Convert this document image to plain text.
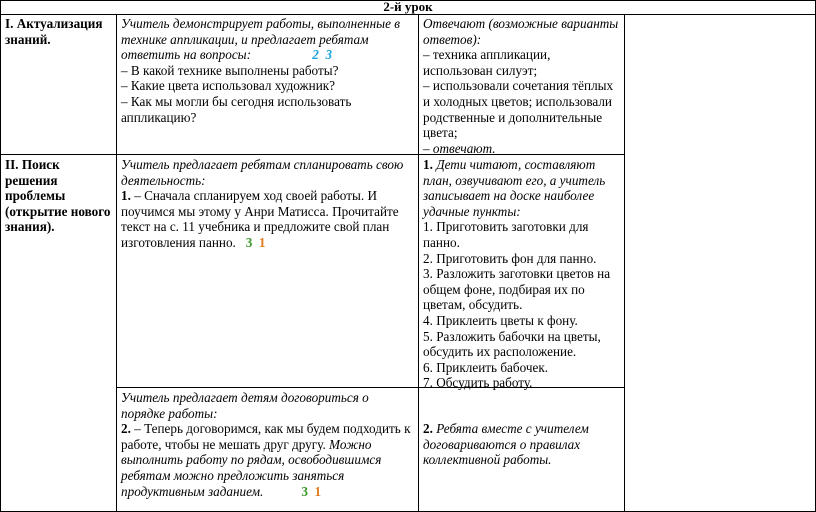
2-й урок
I. Актуализация знаний.

Учитель демонстрирует работы, выполненные в технике аппликации, и предлагает ребятам ответить на вопросы:	2 3

– В какой технике выполнены работы?

– Какие цвета использовал художник?

– Как мы могли бы сегодня использовать аппликацию?

Отвечают (возможные варианты ответов):

– техника аппликации, использован силуэт;

– использовали сочетания тёплых и холодных цветов; использовали родственные и дополнительные цвета;

– отвечают.

II. Поиск решения проблемы (открытие нового знания).

Учитель предлагает ребятам спланировать свою деятельность:

1. – Сначала спланируем ход своей работы. И поучимся мы этому у Анри Матисса. Прочитайте текст на с. 11 учебника и предложите свой план изготовления панно. 3 1

1. Дети читают, составляют план, озвучивают его, а учитель записывает на доске наиболее удачные пункты:

1. Приготовить заготовки для панно.

2. Приготовить фон для панно.

3. Разложить заготовки цветов на общем фоне, подбирая их по цветам, обсудить.

4. Приклеить цветы к фону.

5. Разложить бабочки на цветы, обсудить их расположение.

6. Приклеить бабочек.

7. Обсудить работу.

Учитель предлагает детям договориться о порядке работы:

2. – Теперь договоримся, как мы будем подходить к работе, чтобы не мешать друг другу. Можно выполнить работу по рядам, освободившимся ребятам можно предложить заняться продуктивным заданием.	3 1

2. Ребята вместе с учителем договариваются о правилах коллективной работы.
